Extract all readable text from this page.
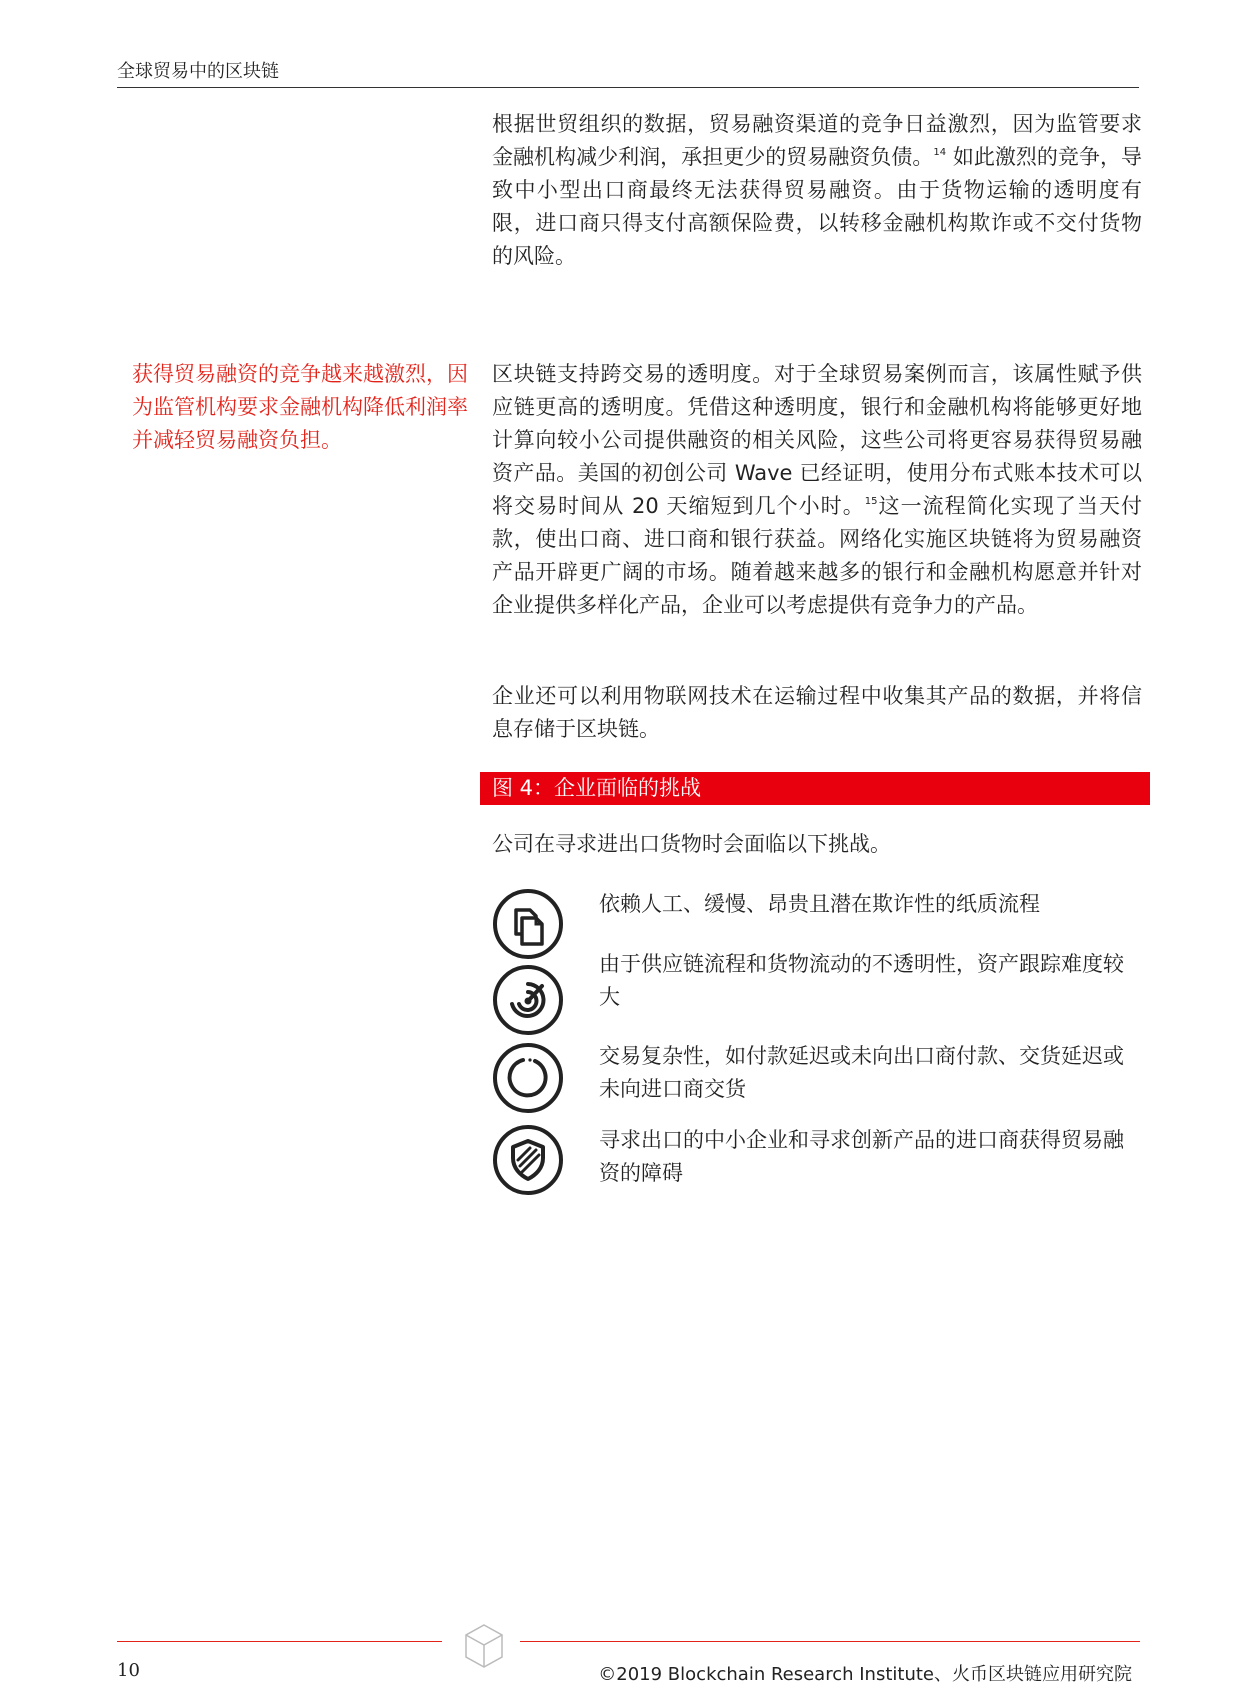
全球贸易中的区块链

根据世贸组织的数据，贸易融资渠道的竞争日益激烈，因为监管要求金融机构减少利润，承担更少的贸易融资负债。$^{14}$ 如此激烈的竞争，导致中小型出口商最终无法获得贸易融资。由于货物运输的透明度有限，进口商只得支付高额保险费，以转移金融机构欺诈或不交付货物的风险。

获得贸易融资的竞争越来越激烈，因为监管机构要求金融机构降低利润率并减轻贸易融资负担。

区块链支持跨交易的透明度。对于全球贸易案例而言，该属性赋予供应链更高的透明度。凭借这种透明度，银行和金融机构将能够更好地计算向较小公司提供融资的相关风险，这些公司将更容易获得贸易融资产品。美国的初创公司 Wave 已经证明，使用分布式账本技术可以将交易时间从 20 天缩短到几个小时。$^{15}$这一流程简化实现了当天付款，使出口商、进口商和银行获益。网络化实施区块链将为贸易融资产品开辟更广阔的市场。随着越来越多的银行和金融机构愿意并针对企业提供多样化产品，企业可以考虑提供有竞争力的产品。

企业还可以利用物联网技术在运输过程中收集其产品的数据，并将信息存储于区块链。

图 4：企业面临的挑战

公司在寻求进出口货物时会面临以下挑战。

依赖人工、缓慢、昂贵且潜在欺诈性的纸质流程

由于供应链流程和货物流动的不透明性，资产跟踪难度较大

交易复杂性，如付款延迟或未向出口商付款、交货延迟或未向进口商交货

寻求出口的中小企业和寻求创新产品的进口商获得贸易融资的障碍

10	©2019 Blockchain Research Institute、火币区块链应用研究院
